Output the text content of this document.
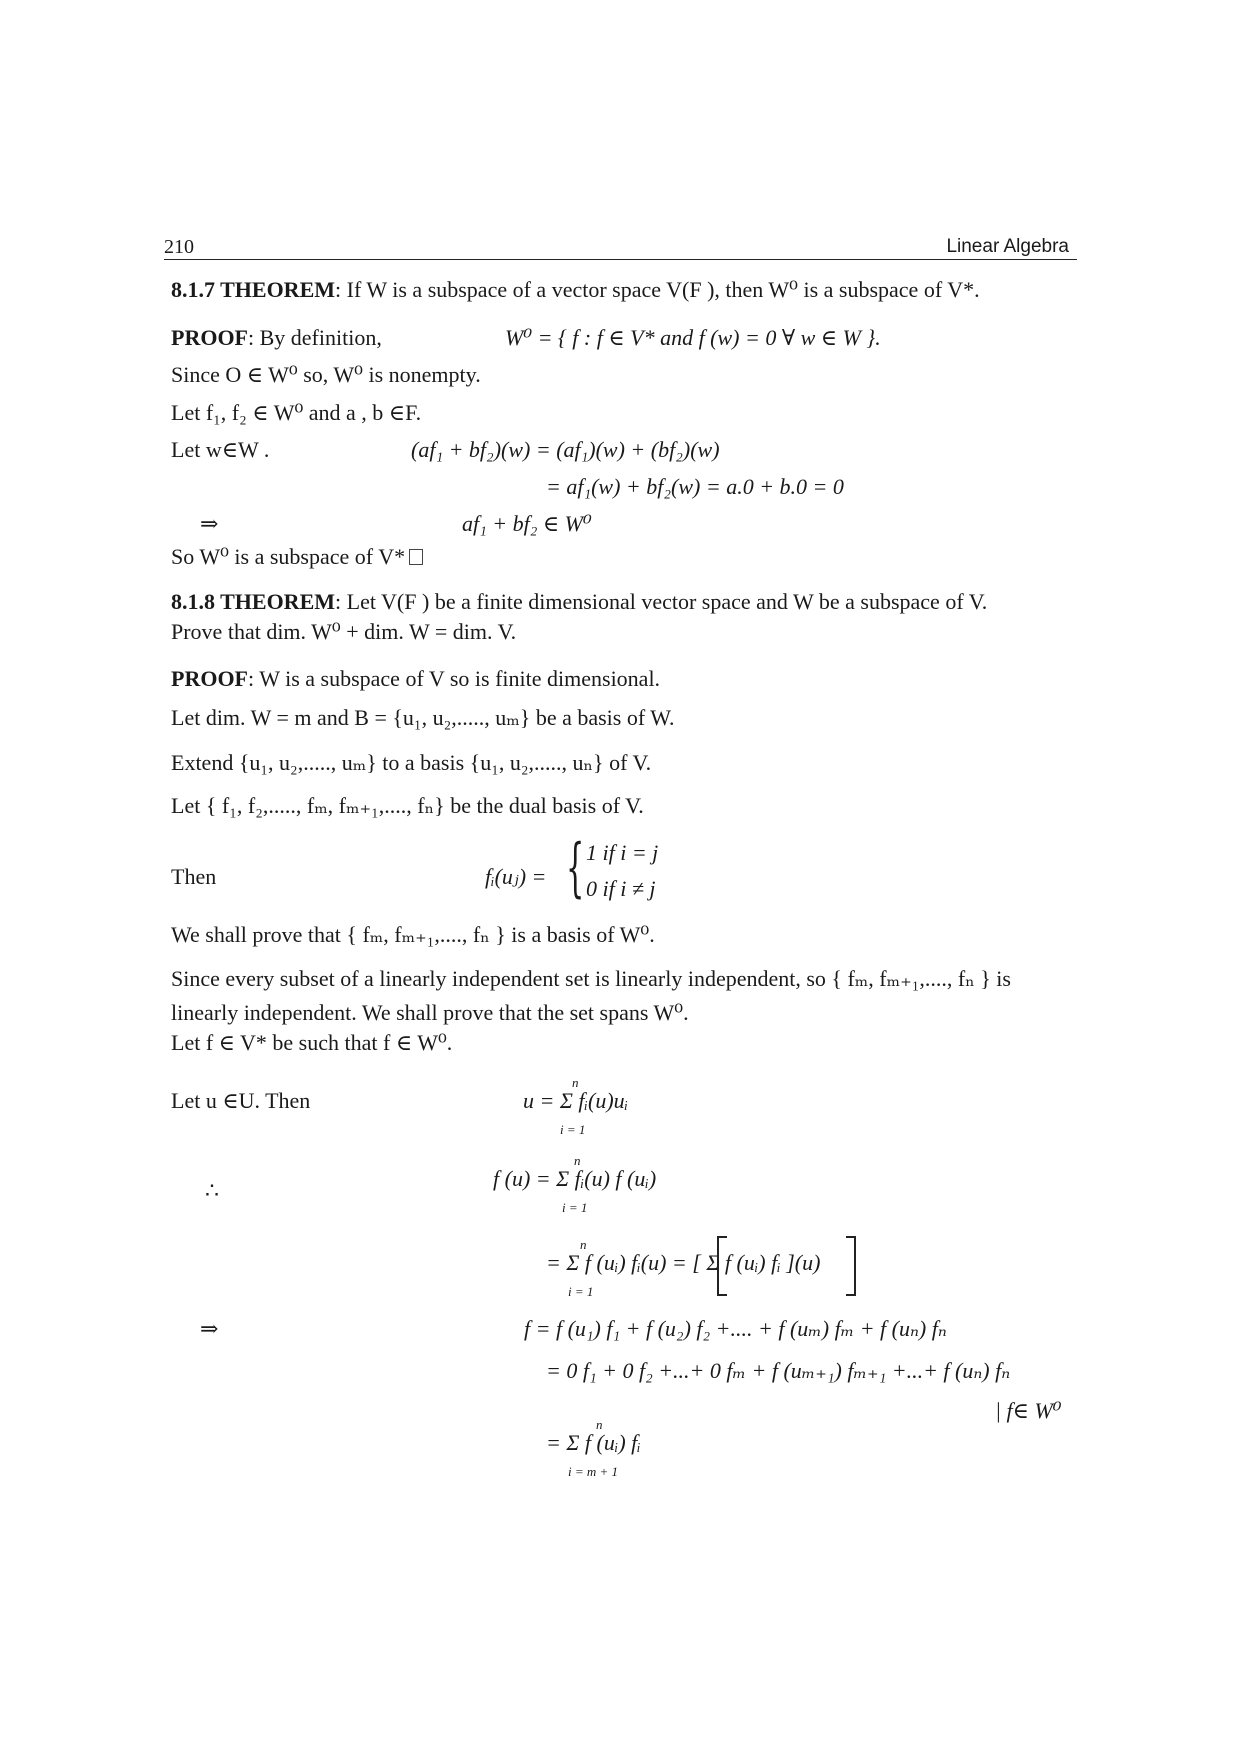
210	Linear Algebra
8.1.7 THEOREM: If W is a subspace of a vector space V(F ), then W⁰ is a subspace of V*.
PROOF: By definition,	W⁰ = { f : f ∈ V* and f (w) = 0 ∀ w ∈ W }.
Since O ∈ W⁰ so, W⁰ is nonempty.
Let f₁, f₂ ∈ W⁰ and a , b ∈F.
Let w∈W .	(af₁ + bf₂)(w) = (af₁)(w) + (bf₂)(w)
= af₁(w) + bf₂(w) = a.0 + b.0 = 0
⇒	af₁ + bf₂ ∈ W⁰
So W⁰ is a subspace of V*
8.1.8 THEOREM: Let V(F ) be a finite dimensional vector space and W be a subspace of V.
Prove that dim. W⁰ + dim. W = dim. V.
PROOF: W is a subspace of V so is finite dimensional.
Let dim. W = m and B = {u₁, u₂,....., uₘ} be a basis of W.
Extend {u₁, u₂,....., uₘ} to a basis {u₁, u₂,....., uₙ} of V.
Let { f₁, f₂,....., fₘ, fₘ₊₁,...., fₙ} be the dual basis of V.
Then	fᵢ(uⱼ) = { 1 if i = j
0 if i ≠ j
We shall prove that { fₘ, fₘ₊₁,...., fₙ } is a basis of W⁰.
Since every subset of a linearly independent set is linearly independent, so { fₘ, fₘ₊₁,...., fₙ } is
linearly independent. We shall prove that the set spans W⁰.
Let f ∈ V* be such that f ∈ W⁰.
Let u ∈U. Then	u = Σ fᵢ(u)uᵢ
n
i = 1
∴	f (u) = Σ fᵢ(u) f (uᵢ)
n
i = 1
= Σ f (uᵢ) fᵢ(u) = [ Σ f (uᵢ) fᵢ ](u)
n
i = 1
⇒	f = f (u₁) f₁ + f (u₂) f₂ +.... + f (uₘ) fₘ + f (uₙ) fₙ
= 0 f₁ + 0 f₂ +...+ 0 fₘ + f (uₘ₊₁) fₘ₊₁ +...+ f (uₙ) fₙ
| f∈ W⁰
= Σ f (uᵢ) fᵢ
n
i = m + 1
